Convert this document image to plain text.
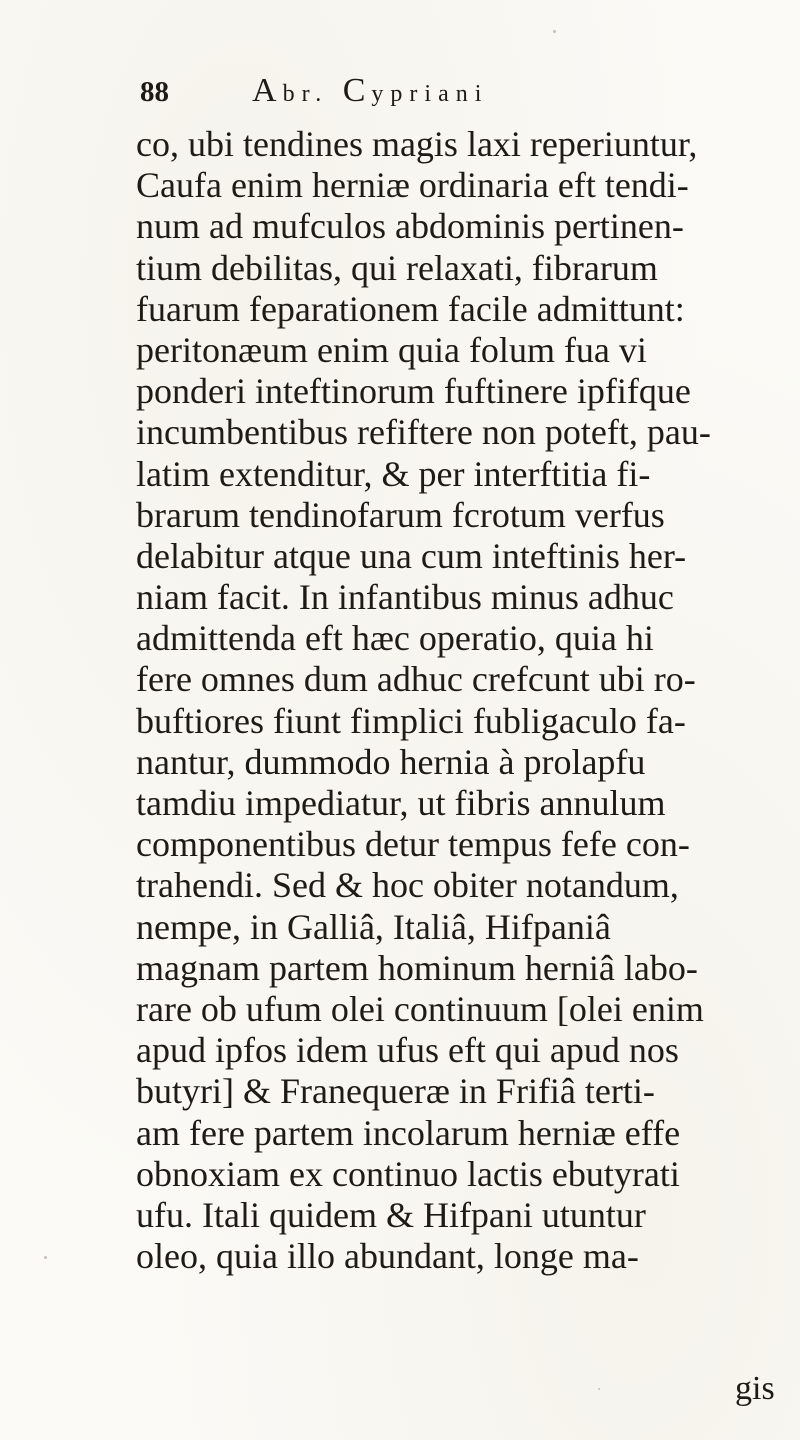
88 Abr. Cypriani
co, ubi tendines magis laxi reperiuntur,
Caufa enim herniæ ordinaria eft tendi-
num ad mufculos abdominis pertinen-
tium debilitas, qui relaxati, fibrarum
fuarum feparationem facile admittunt:
peritonæum enim quia folum fua vi
ponderi inteftinorum fuftinere ipfifque
incumbentibus refiftere non poteft, pau-
latim extenditur, & per interftitia fi-
brarum tendinofarum fcrotum verfus
delabitur atque una cum inteftinis her-
niam facit. In infantibus minus adhuc
admittenda eft hæc operatio, quia hi
fere omnes dum adhuc crefcunt ubi ro-
buftiores fiunt fimplici fubligaculo fa-
nantur, dummodo hernia à prolapfu
tamdiu impediatur, ut fibris annulum
componentibus detur tempus fefe con-
trahendi. Sed & hoc obiter notandum,
nempe, in Galliâ, Italiâ, Hifpaniâ
magnam partem hominum herniâ labo-
rare ob ufum olei continuum [olei enim
apud ipfos idem ufus eft qui apud nos
butyri] & Franequeræ in Frifiâ terti-
am fere partem incolarum herniæ effe
obnoxiam ex continuo lactis ebutyrati
ufu. Itali quidem & Hifpani utuntur
oleo, quia illo abundant, longe ma-
gis
